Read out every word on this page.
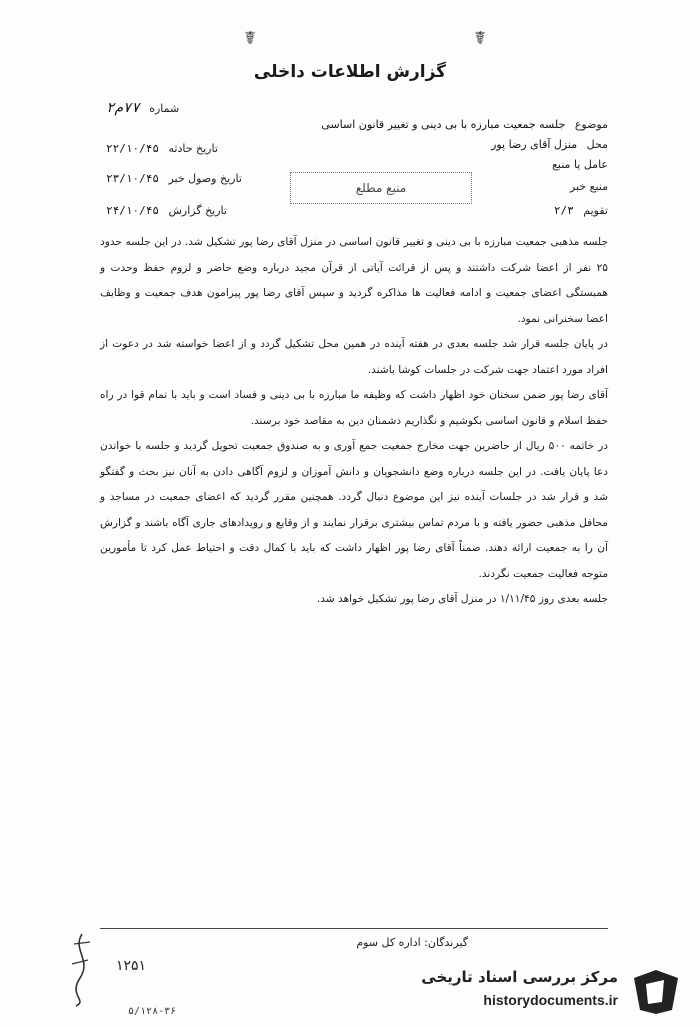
☤	☤
گزارش اطلاعات داخلی
موضوع جلسه جمعیت مبارزه با بی دینی و تغییر قانون اساسی
محل منزل آقای رضا پور
عامل یا منبع
منبع خبر
منبع مطلع
تقویم ۲/۳
شماره ۷۷م۲
تاریخ حادثه ۲۲/۱۰/۴۵
تاریخ وصول خبر ۲۳/۱۰/۴۵
تاریخ گزارش ۲۴/۱۰/۴۵

جلسه مذهبی جمعیت مبارزه با بی دینی و تغییر قانون اساسی در منزل آقای رضا پور تشکیل شد. در این جلسه حدود ۲۵ نفر از اعضا شرکت داشتند و پس از قرائت آیاتی از قرآن مجید درباره وضع حاضر و لزوم حفظ وحدت و همبستگی اعضای جمعیت و ادامه فعالیت ها مذاکره گردید و سپس آقای رضا پور پیرامون هدف جمعیت و وظایف اعضا سخنرانی نمود.

در پایان جلسه قرار شد جلسه بعدی در هفته آینده در همین محل تشکیل گردد و از اعضا خواسته شد در دعوت از افراد مورد اعتماد جهت شرکت در جلسات کوشا باشند.

آقای رضا پور ضمن سخنان خود اظهار داشت که وظیفه ما مبارزه با بی دینی و فساد است و باید با تمام قوا در راه حفظ اسلام و قانون اساسی بکوشیم و نگذاریم دشمنان دین به مقاصد خود برسند.

در خاتمه ۵۰۰ ریال از حاضرین جهت مخارج جمعیت جمع آوری و به صندوق جمعیت تحویل گردید و جلسه با خواندن دعا پایان یافت. در این جلسه درباره وضع دانشجویان و دانش آموزان و لزوم آگاهی دادن به آنان نیز بحث و گفتگو شد و قرار شد در جلسات آینده نیز این موضوع دنبال گردد. همچنین مقرر گردید که اعضای جمعیت در مساجد و محافل مذهبی حضور یافته و با مردم تماس بیشتری برقرار نمایند و از وقایع و رویدادهای جاری آگاه باشند و گزارش آن را به جمعیت ارائه دهند. ضمناً آقای رضا پور اظهار داشت که باید با کمال دقت و احتیاط عمل کرد تا مأمورین متوجه فعالیت جمعیت نگردند.

جلسه بعدی روز ۱/۱۱/۴۵ در منزل آقای رضا پور تشکیل خواهد شد.

گیرندگان: اداره کل سوم
۱۲۵۱
۵/۱۲۸-۳۶
مرکز بررسی اسناد تاریخی
historydocuments.ir
